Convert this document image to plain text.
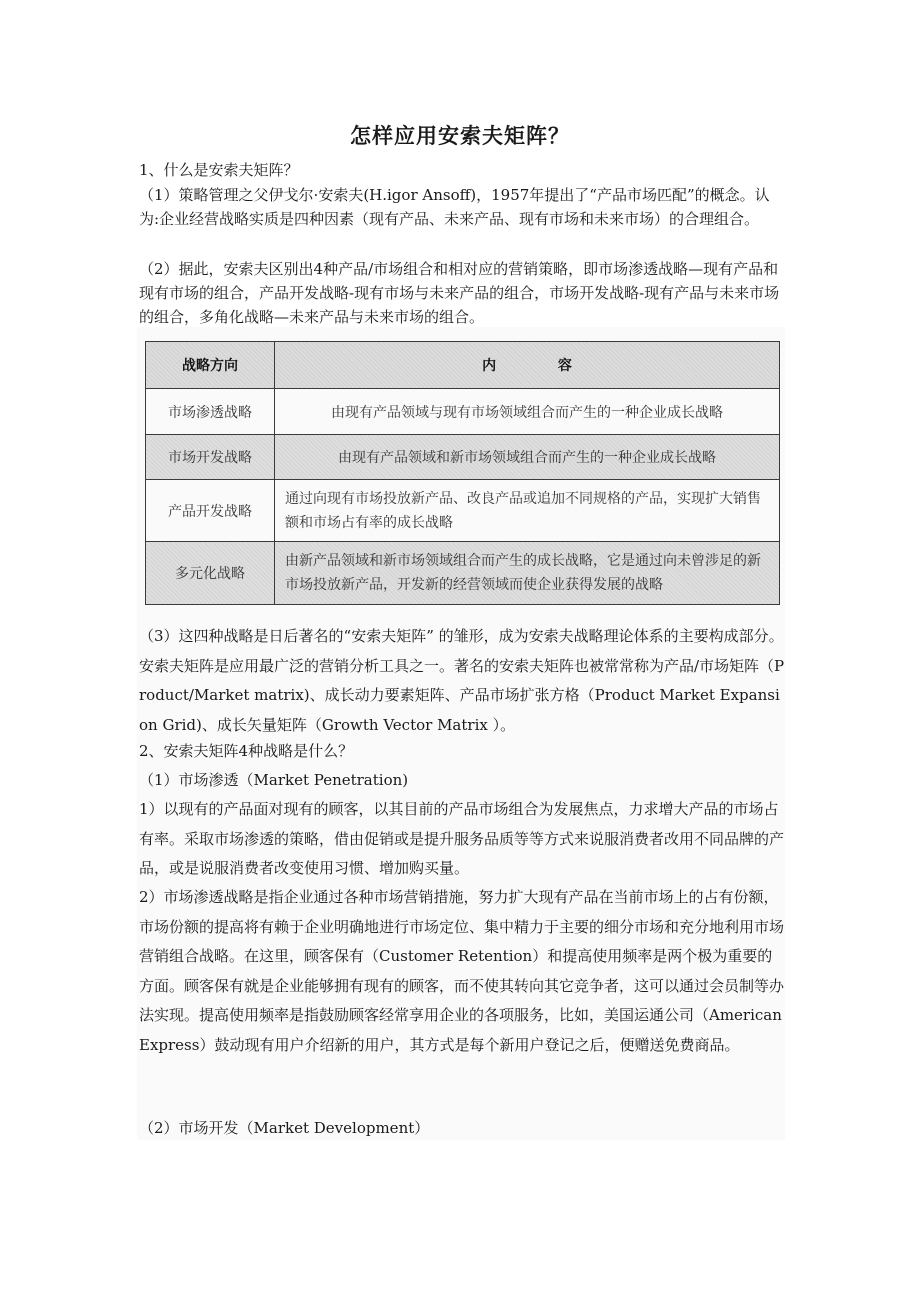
怎样应用安索夫矩阵？

1、什么是安索夫矩阵？

（1）策略管理之父伊戈尔·安索夫(H.igor Ansoff)，1957年提出了“产品市场匹配”的概念。认为:企业经营战略实质是四种因素（现有产品、未来产品、现有市场和未来市场）的合理组合。

（2）据此，安索夫区别出4种产品/市场组合和相对应的营销策略，即市场渗透战略—现有产品和现有市场的组合，产品开发战略-现有市场与未来产品的组合，市场开发战略-现有产品与未来市场的组合，多角化战略—未来产品与未来市场的组合。

战略方向	内 容
市场渗透战略	由现有产品领域与现有市场领域组合而产生的一种企业成长战略
市场开发战略	由现有产品领域和新市场领域组合而产生的一种企业成长战略
产品开发战略	通过向现有市场投放新产品、改良产品或追加不同规格的产品，实现扩大销售额和市场占有率的成长战略
多元化战略	由新产品领域和新市场领域组合而产生的成长战略，它是通过向未曾涉足的新市场投放新产品，开发新的经营领域而使企业获得发展的战略

（3）这四种战略是日后著名的“安索夫矩阵” 的雏形，成为安索夫战略理论体系的主要构成部分。安索夫矩阵是应用最广泛的营销分析工具之一。著名的安索夫矩阵也被常常称为产品/市场矩阵（Product/Market matrix)、成长动力要素矩阵、产品市场扩张方格（Product Market Expansion Grid)、成长矢量矩阵（Growth Vector Matrix ）。

2、安索夫矩阵4种战略是什么？

（1）市场渗透（Market Penetration)

1）以现有的产品面对现有的顾客，以其目前的产品市场组合为发展焦点，力求增大产品的市场占有率。采取市场渗透的策略，借由促销或是提升服务品质等等方式来说服消费者改用不同品牌的产品，或是说服消费者改变使用习惯、增加购买量。

2）市场渗透战略是指企业通过各种市场营销措施，努力扩大现有产品在当前市场上的占有份额，市场份额的提高将有赖于企业明确地进行市场定位、集中精力于主要的细分市场和充分地利用市场营销组合战略。在这里，顾客保有（Customer Retention）和提高使用频率是两个极为重要的方面。顾客保有就是企业能够拥有现有的顾客，而不使其转向其它竞争者，这可以通过会员制等办法实现。提高使用频率是指鼓励顾客经常享用企业的各项服务，比如，美国运通公司（American Express）鼓动现有用户介绍新的用户，其方式是每个新用户登记之后，便赠送免费商品。

（2）市场开发（Market Development）
